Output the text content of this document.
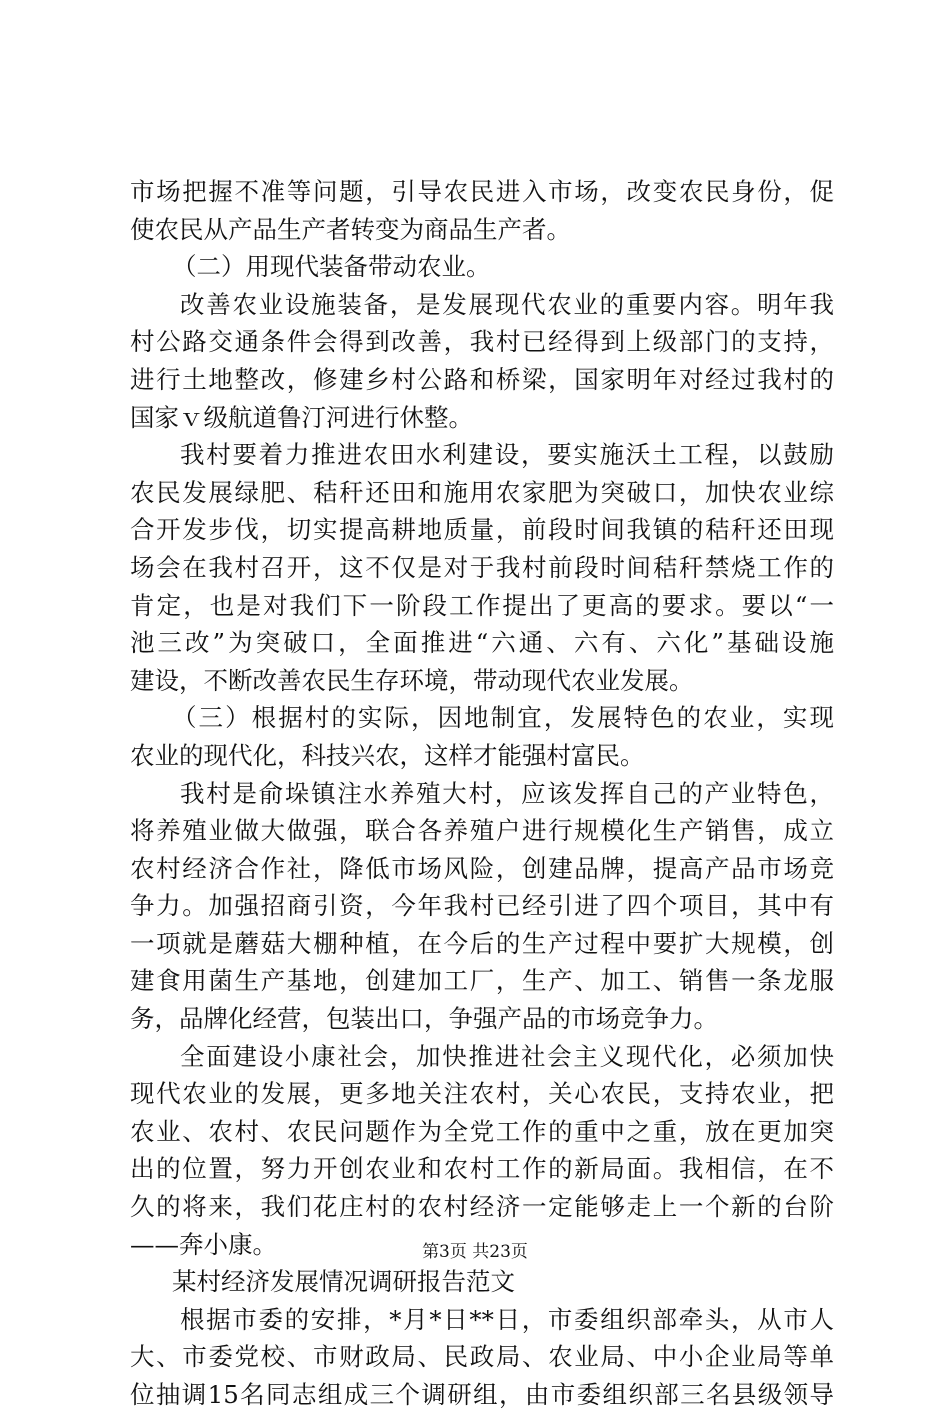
市场把握不准等问题，引导农民进入市场，改变农民身份，促
使农民从产品生产者转变为商品生产者。
（二）用现代装备带动农业。
改善农业设施装备，是发展现代农业的重要内容。明年我
村公路交通条件会得到改善，我村已经得到上级部门的支持，
进行土地整改，修建乡村公路和桥梁，国家明年对经过我村的
国家ｖ级航道鲁汀河进行休整。
我村要着力推进农田水利建设，要实施沃土工程，以鼓励
农民发展绿肥、秸秆还田和施用农家肥为突破口，加快农业综
合开发步伐，切实提高耕地质量，前段时间我镇的秸秆还田现
场会在我村召开，这不仅是对于我村前段时间秸秆禁烧工作的
肯定，也是对我们下一阶段工作提出了更高的要求。要以“一
池三改”为突破口，全面推进“六通、六有、六化”基础设施
建设，不断改善农民生存环境，带动现代农业发展。
（三）根据村的实际，因地制宜，发展特色的农业，实现
农业的现代化，科技兴农，这样才能强村富民。
我村是俞垛镇注水养殖大村，应该发挥自己的产业特色，
将养殖业做大做强，联合各养殖户进行规模化生产销售，成立
农村经济合作社，降低市场风险，创建品牌，提高产品市场竞
争力。加强招商引资，今年我村已经引进了四个项目，其中有
一项就是蘑菇大棚种植，在今后的生产过程中要扩大规模，创
建食用菌生产基地，创建加工厂，生产、加工、销售一条龙服
务，品牌化经营，包装出口，争强产品的市场竞争力。
全面建设小康社会，加快推进社会主义现代化，必须加快
现代农业的发展，更多地关注农村，关心农民，支持农业，把
农业、农村、农民问题作为全党工作的重中之重，放在更加突
出的位置，努力开创农业和农村工作的新局面。我相信，在不
久的将来，我们花庄村的农村经济一定能够走上一个新的台阶
——奔小康。
某村经济发展情况调研报告范文
根据市委的安排，*月*日**日，市委组织部牵头，从市人
大、市委党校、市财政局、民政局、农业局、中小企业局等单
位抽调15名同志组成三个调研组，由市委组织部三名县级领导
第3页 共23页
